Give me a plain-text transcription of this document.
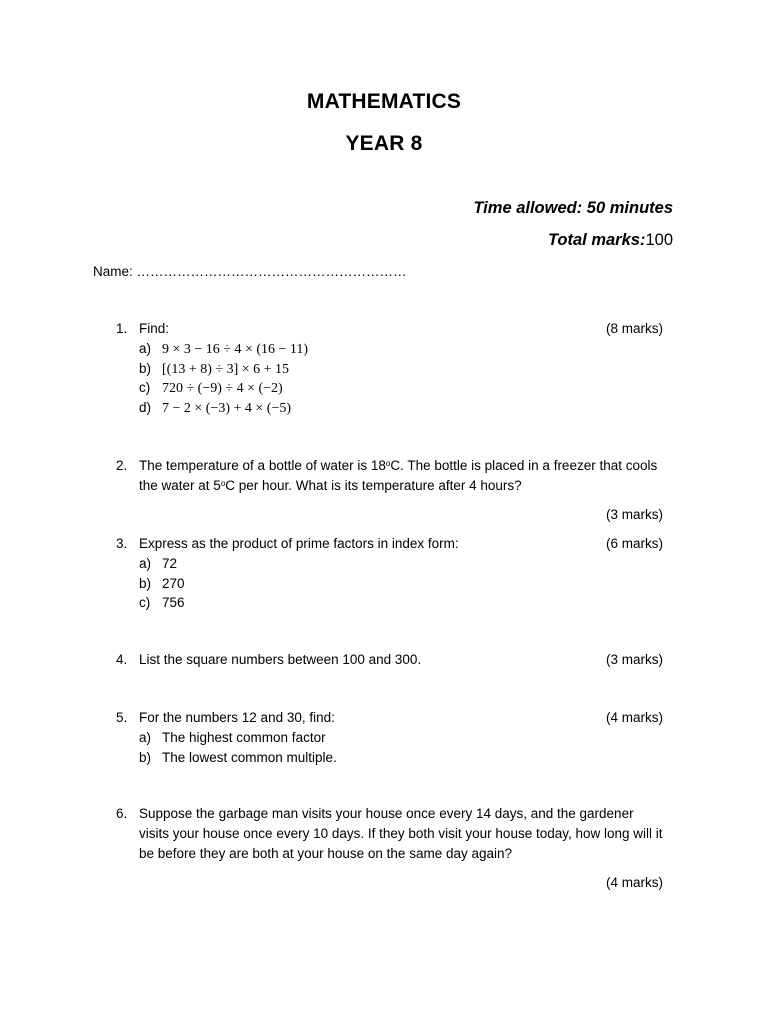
MATHEMATICS
YEAR 8
Time allowed: 50 minutes
Total marks:100
Name: ……………………………………………………
1. Find:	(8 marks)
a) 9 × 3 − 16 ÷ 4 × (16 − 11)
b) [(13 + 8) ÷ 3] × 6 + 15
c) 720 ÷ (−9) ÷ 4 × (−2)
d) 7 − 2 × (−3) + 4 × (−5)
2. The temperature of a bottle of water is 18$^o$C. The bottle is placed in a freezer that cools the water at 5$^o$C per hour. What is its temperature after 4 hours?
(3 marks)
3. Express as the product of prime factors in index form:	(6 marks)
a) 72
b) 270
c) 756
4. List the square numbers between 100 and 300.	(3 marks)
5. For the numbers 12 and 30, find:	(4 marks)
a) The highest common factor
b) The lowest common multiple.
6. Suppose the garbage man visits your house once every 14 days, and the gardener visits your house once every 10 days. If they both visit your house today, how long will it be before they are both at your house on the same day again?
(4 marks)
